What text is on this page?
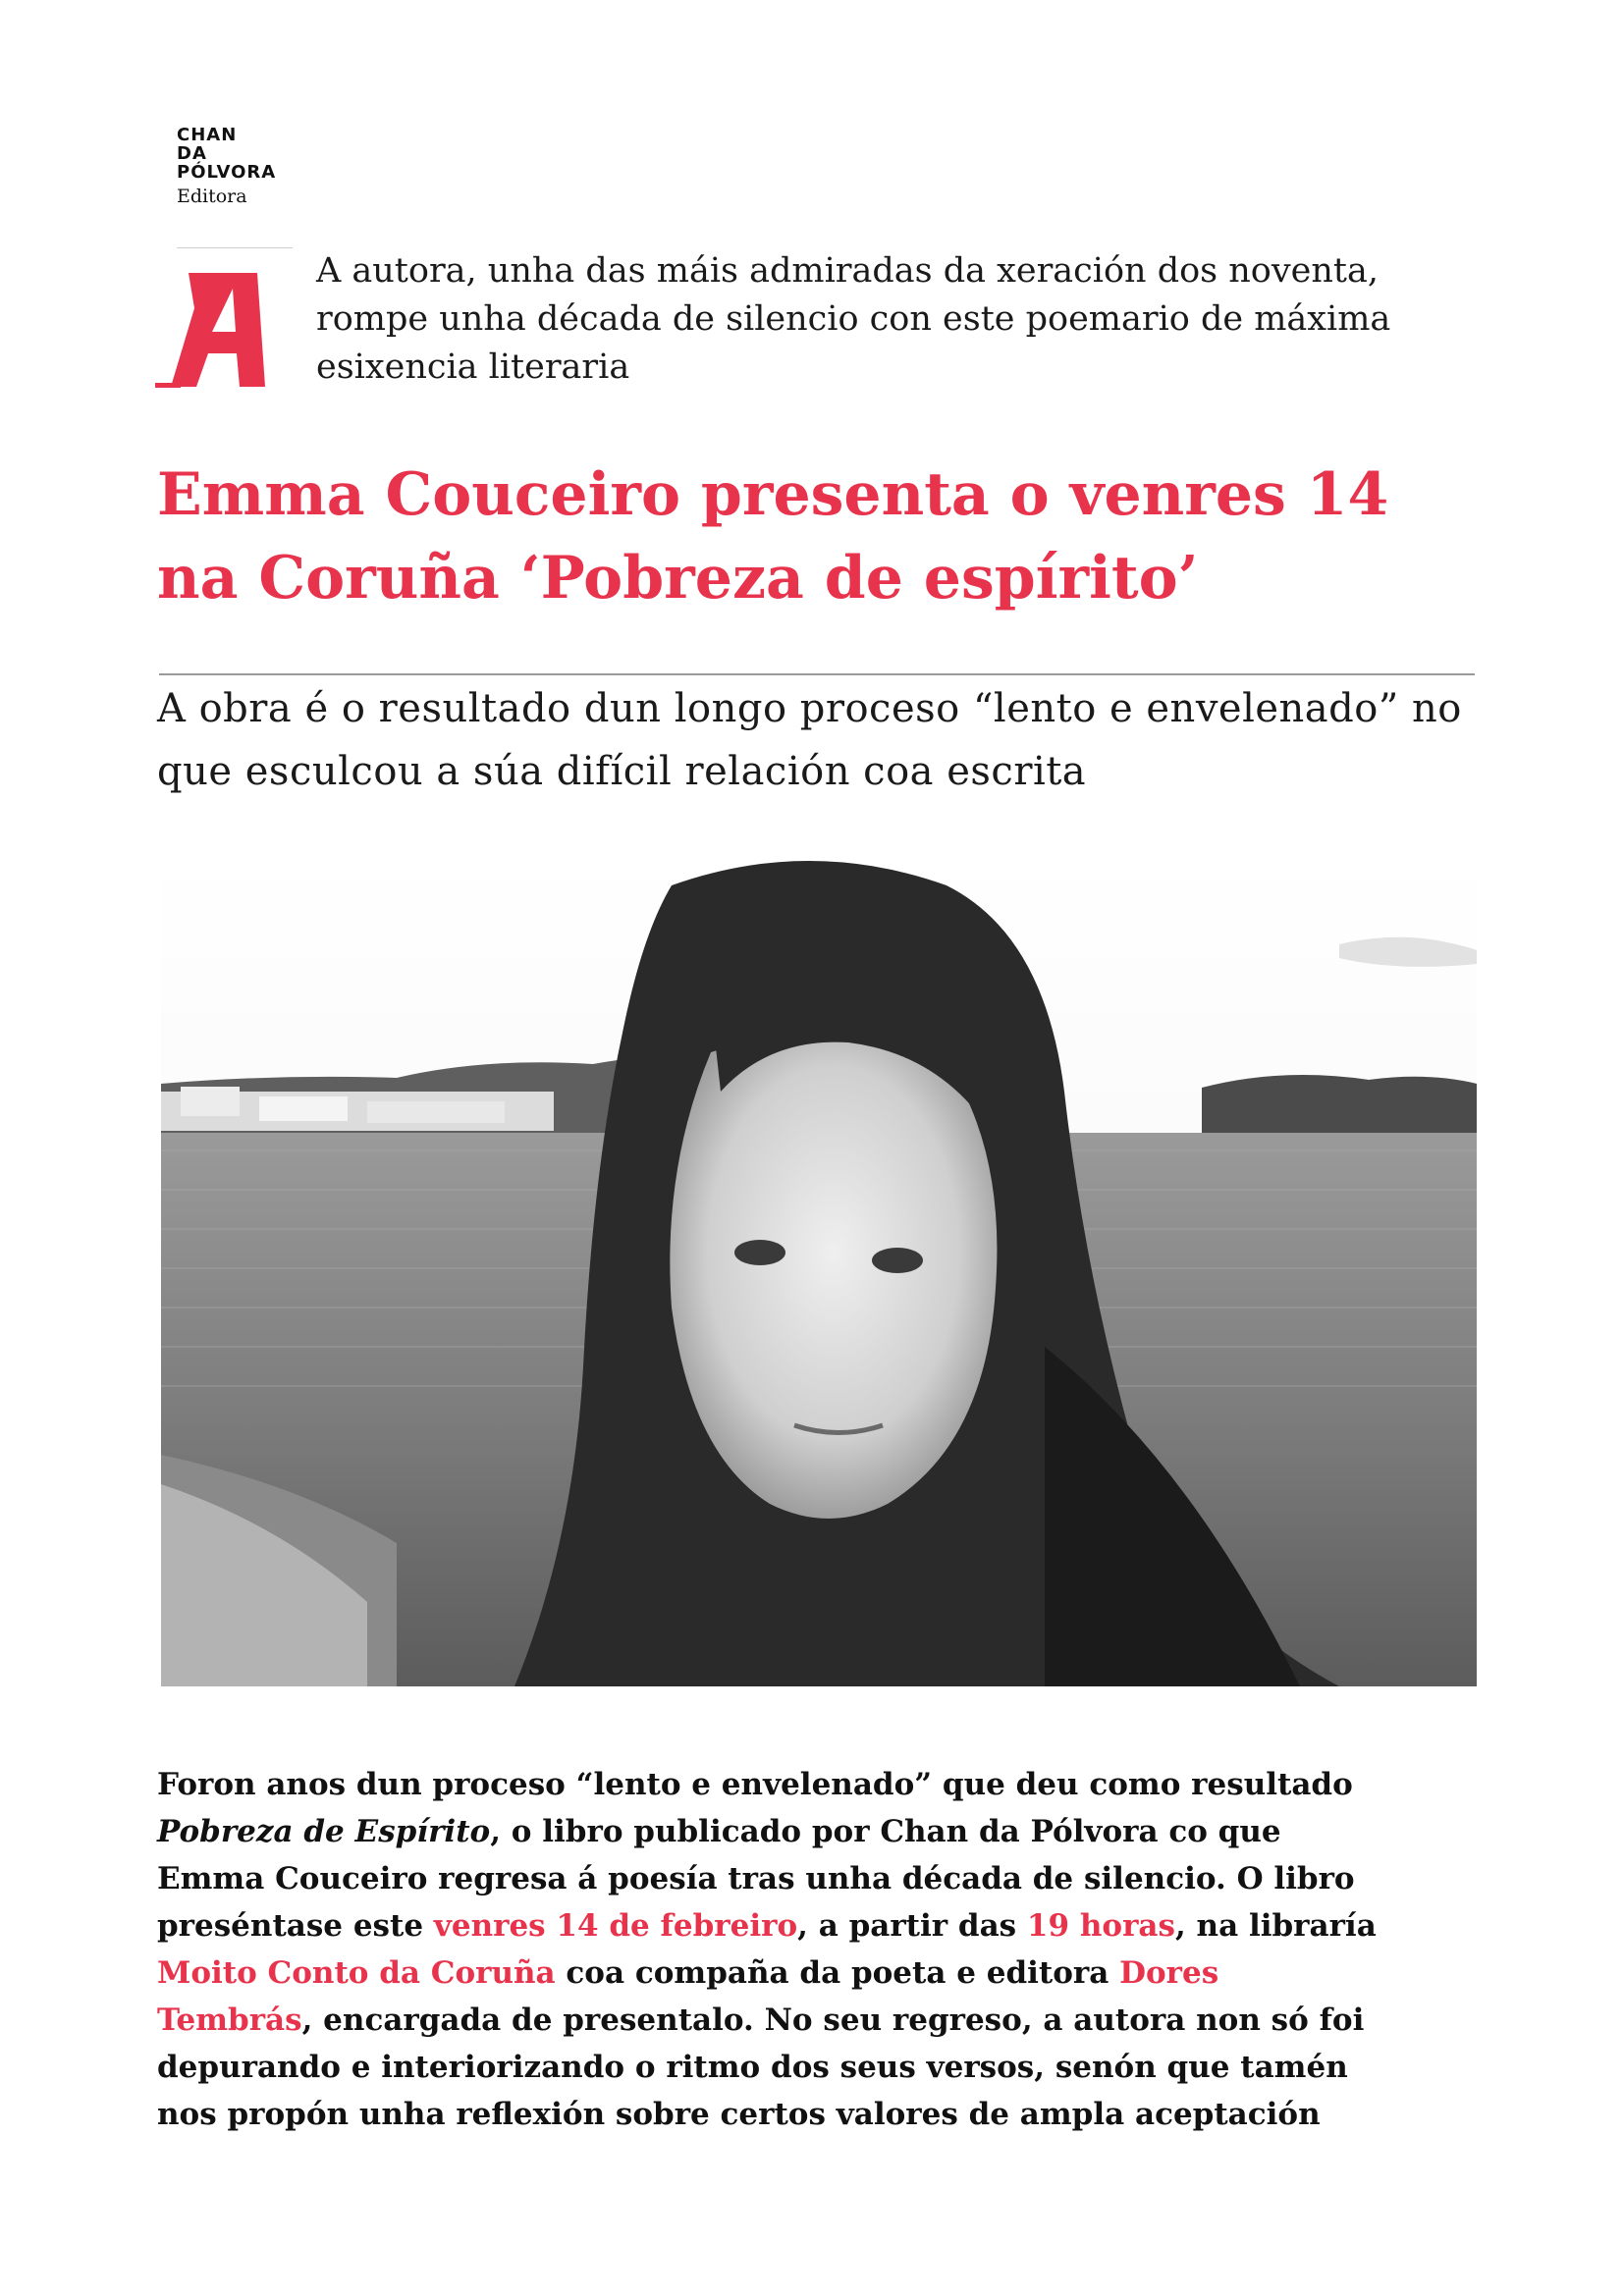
CHAN
DA
PÓLVORA
Editora
A autora, unha das máis admiradas da xeración dos noventa,
rompe unha década de silencio con este poemario de máxima
esixencia literaria
Emma Couceiro presenta o venres 14
na Coruña ‘Pobreza de espírito’
A obra é o resultado dun longo proceso “lento e envelenado” no
que esculcou a súa difícil relación coa escrita
Foron anos dun proceso “lento e envelenado” que deu como resultado
Pobreza de Espírito, o libro publicado por Chan da Pólvora co que
Emma Couceiro regresa á poesía tras unha década de silencio. O libro
preséntase este venres 14 de febreiro, a partir das 19 horas, na libraría
Moito Conto da Coruña coa compaña da poeta e editora Dores
Tembrás, encargada de presentalo. No seu regreso, a autora non só foi
depurando e interiorizando o ritmo dos seus versos, senón que tamén
nos propón unha reflexión sobre certos valores de ampla aceptación
